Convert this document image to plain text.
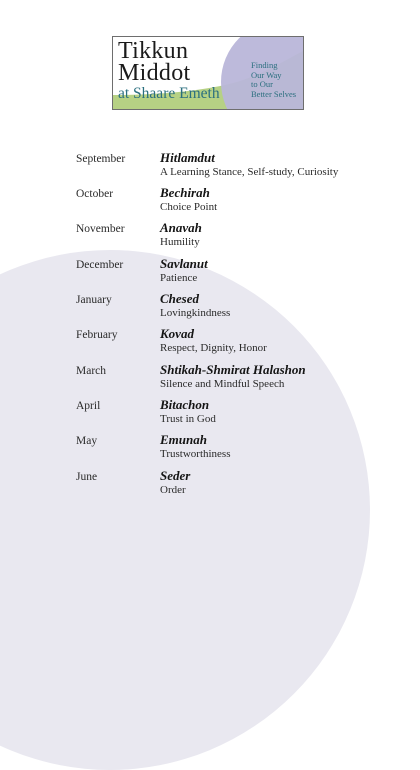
Tikkun
Middot
at Shaare Emeth
Finding
Our Way
to Our
Better Selves
September	Hitlamdut
A Learning Stance, Self-study, Curiosity
October	Bechirah
Choice Point
November	Anavah
Humility
December	Savlanut
Patience
January	Chesed
Lovingkindness
February	Kovad
Respect, Dignity, Honor
March	Shtikah-Shmirat Halashon
Silence and Mindful Speech
April	Bitachon
Trust in God
May	Emunah
Trustworthiness
June	Seder
Order
